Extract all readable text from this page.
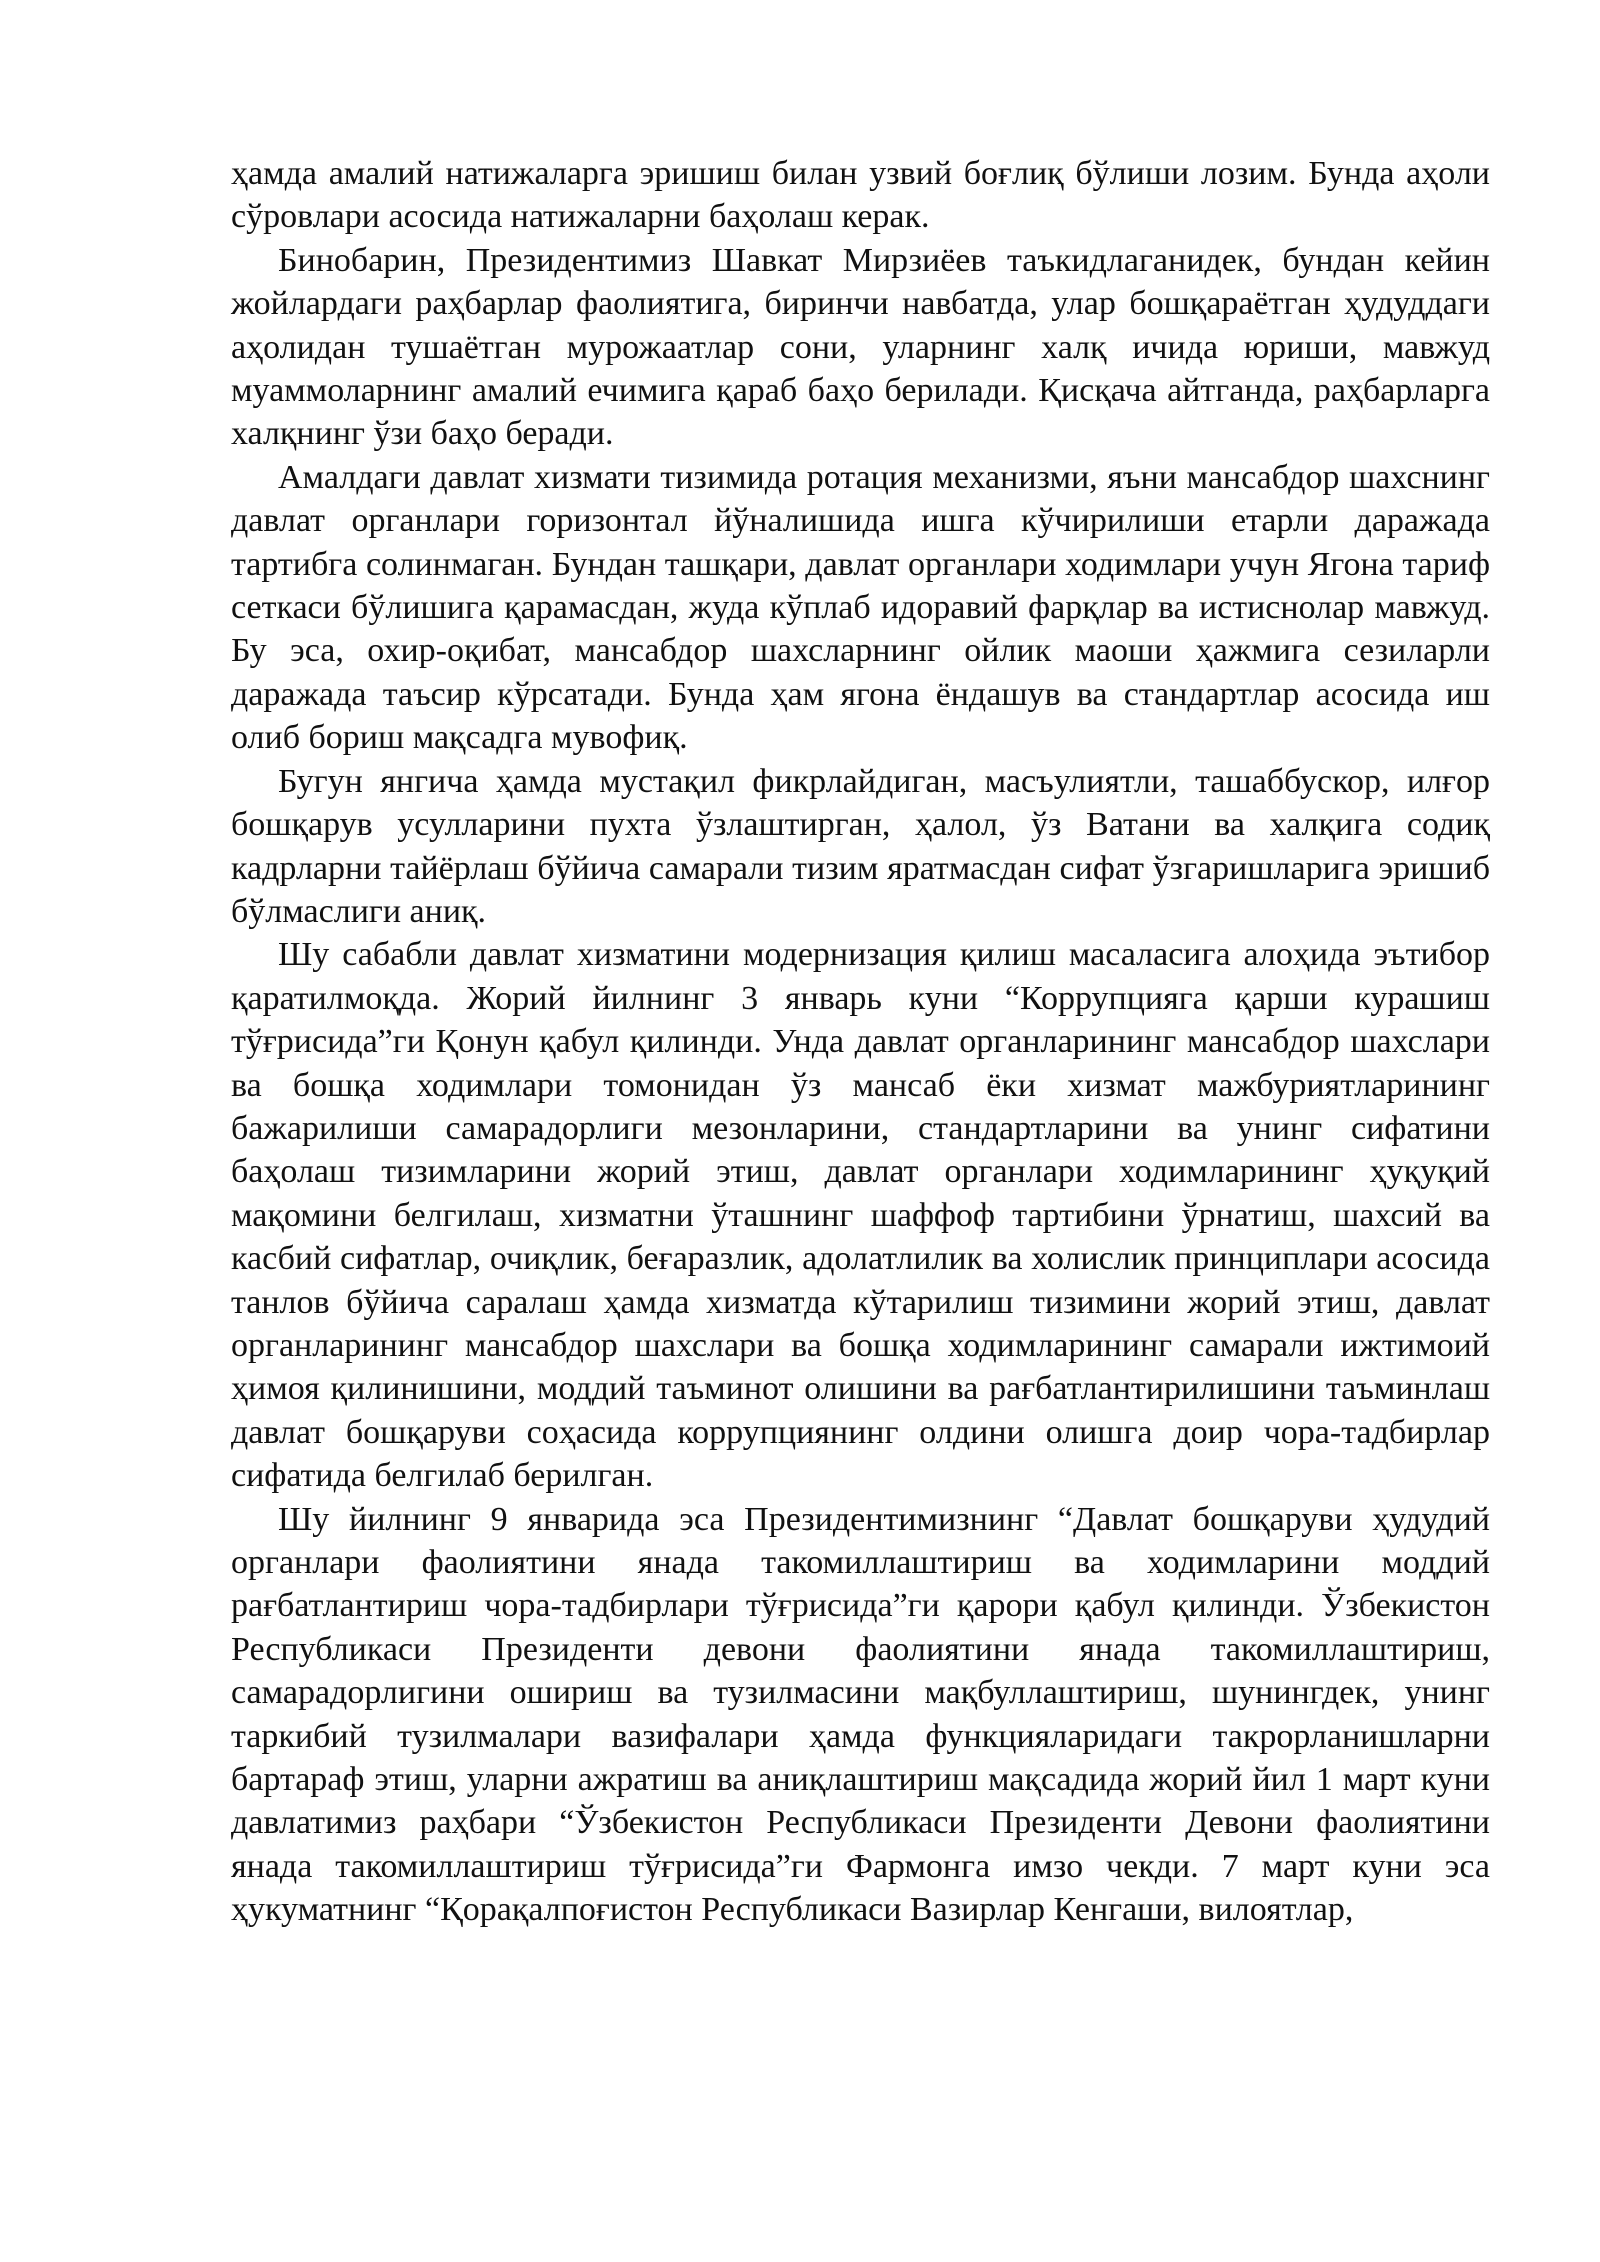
ҳамда амалий натижаларга эришиш билан узвий боғлиқ бўлиши лозим. Бунда аҳоли сўровлари асосида натижаларни баҳолаш керак.

Бинобарин, Президентимиз Шавкат Мирзиёев таъкидлаганидек, бундан кейин жойлардаги раҳбарлар фаолиятига, биринчи навбатда, улар бошқараётган ҳудуддаги аҳолидан тушаётган мурожаатлар сони, уларнинг халқ ичида юриши, мавжуд муаммоларнинг амалий ечимига қараб баҳо берилади. Қисқача айтганда, раҳбарларга халқнинг ўзи баҳо беради.

Амалдаги давлат хизмати тизимида ротация механизми, яъни мансабдор шахснинг давлат органлари горизонтал йўналишида ишга кўчирилиши етарли даражада тартибга солинмаган. Бундан ташқари, давлат органлари ходимлари учун Ягона тариф сеткаси бўлишига қарамасдан, жуда кўплаб идоравий фарқлар ва истиснолар мавжуд. Бу эса, охир-оқибат, мансабдор шахсларнинг ойлик маоши ҳажмига сезиларли даражада таъсир кўрсатади. Бунда ҳам ягона ёндашув ва стандартлар асосида иш олиб бориш мақсадга мувофиқ.

Бугун янгича ҳамда мустақил фикрлайдиган, масъулиятли, ташаббускор, илғор бошқарув усулларини пухта ўзлаштирган, ҳалол, ўз Ватани ва халқига содиқ кадрларни тайёрлаш бўйича самарали тизим яратмасдан сифат ўзгаришларига эришиб бўлмаслиги аниқ.

Шу сабабли давлат хизматини модернизация қилиш масаласига алоҳида эътибор қаратилмоқда. Жорий йилнинг 3 январь куни “Коррупцияга қарши курашиш тўғрисида”ги Қонун қабул қилинди. Унда давлат органларининг мансабдор шахслари ва бошқа ходимлари томонидан ўз мансаб ёки хизмат мажбуриятларининг бажарилиши самарадорлиги мезонларини, стандартларини ва унинг сифатини баҳолаш тизимларини жорий этиш, давлат органлари ходимларининг ҳуқуқий мақомини белгилаш, хизматни ўташнинг шаффоф тартибини ўрнатиш, шахсий ва касбий сифатлар, очиқлик, беғаразлик, адолатлилик ва холислик принциплари асосида танлов бўйича саралаш ҳамда хизматда кўтарилиш тизимини жорий этиш, давлат органларининг мансабдор шахслари ва бошқа ходимларининг самарали ижтимоий ҳимоя қилинишини, моддий таъминот олишини ва рағбатлантирилишини таъминлаш давлат бошқаруви соҳасида коррупциянинг олдини олишга доир чора-тадбирлар сифатида белгилаб берилган.

Шу йилнинг 9 январида эса Президентимизнинг “Давлат бошқаруви ҳудудий органлари фаолиятини янада такомиллаштириш ва ходимларини моддий рағбатлантириш чора-тадбирлари тўғрисида”ги қарори қабул қилинди. Ўзбекистон Республикаси Президенти девони фаолиятини янада такомиллаштириш, самарадорлигини ошириш ва тузилмасини мақбуллаштириш, шунингдек, унинг таркибий тузилмалари вазифалари ҳамда функцияларидаги такрорланишларни бартараф этиш, уларни ажратиш ва аниқлаштириш мақсадида жорий йил 1 март куни давлатимиз раҳбари “Ўзбекистон Республикаси Президенти Девони фаолиятини янада такомиллаштириш тўғрисида”ги Фармонга имзо чекди. 7 март куни эса ҳукуматнинг “Қорақалпоғистон Республикаси Вазирлар Кенгаши, вилоятлар,
